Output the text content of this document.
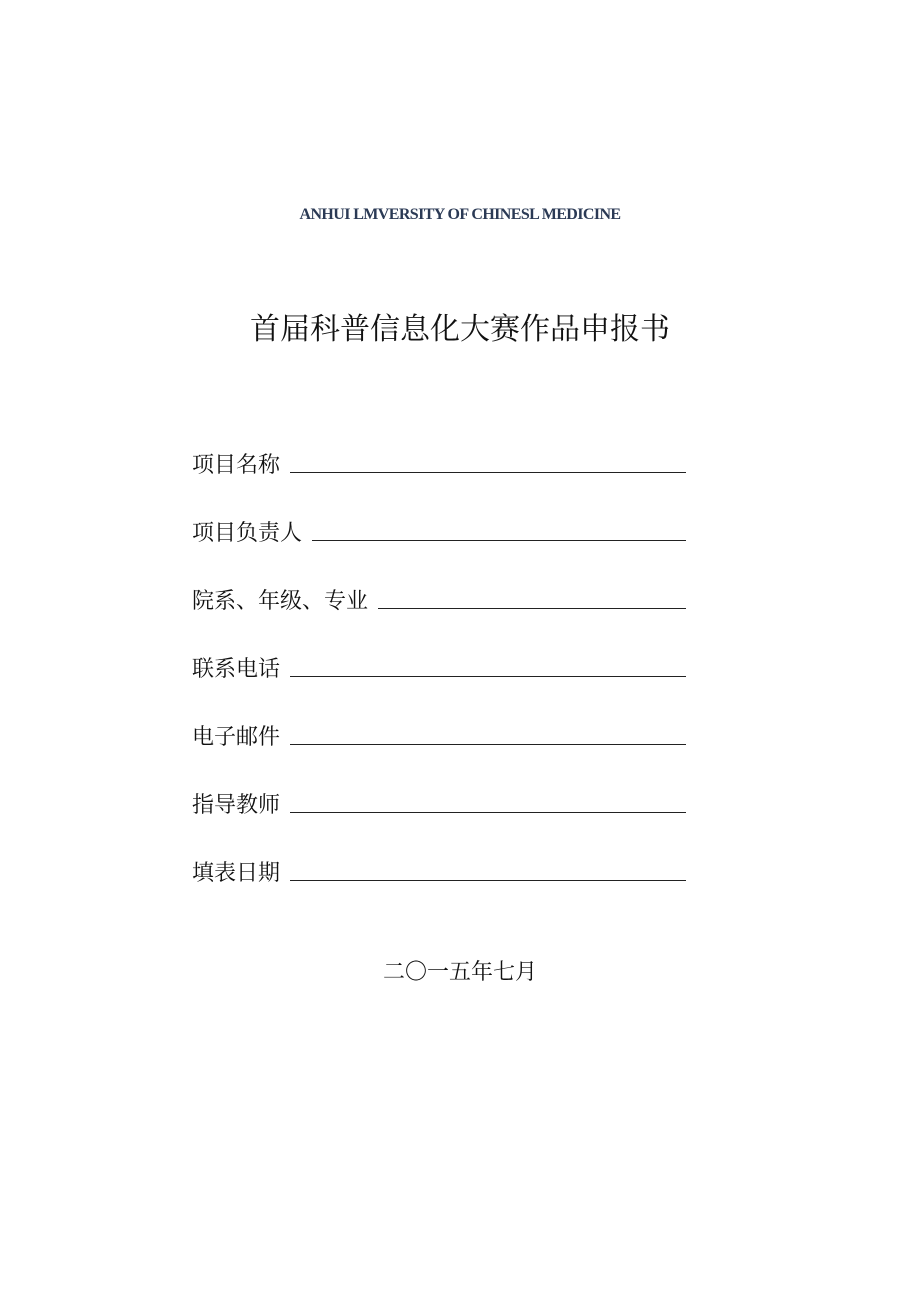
ANHUI LMVERSITY OF CHINESL MEDICINE
首届科普信息化大赛作品申报书
项目名称
项目负责人
院系、年级、专业
联系电话
电子邮件
指导教师
填表日期
二〇一五年七月
